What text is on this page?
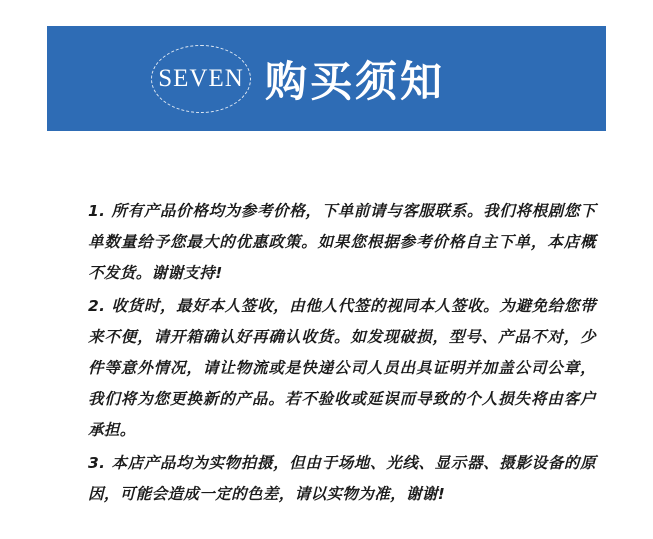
SEVEN 购买须知

1. 所有产品价格均为参考价格，下单前请与客服联系。我们将根剧您下单数量给予您最大的优惠政策。如果您根据参考价格自主下单，本店概不发货。谢谢支持!

2. 收货时，最好本人签收，由他人代签的视同本人签收。为避免给您带来不便，请开箱确认好再确认收货。如发现破损，型号、产品不对，少件等意外情况，请让物流或是快递公司人员出具证明并加盖公司公章，我们将为您更换新的产品。若不验收或延误而导致的个人损失将由客户承担。

3. 本店产品均为实物拍摄，但由于场地、光线、显示器、摄影设备的原因，可能会造成一定的色差，请以实物为准，谢谢!
